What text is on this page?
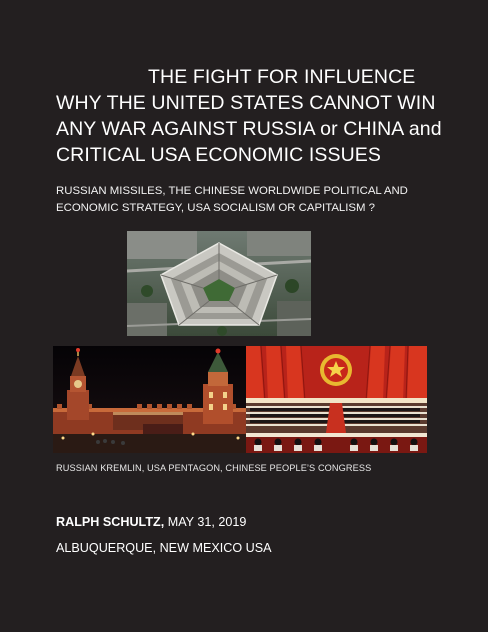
THE FIGHT FOR INFLUENCE
WHY THE UNITED STATES CANNOT WIN
ANY WAR AGAINST RUSSIA or CHINA and
CRITICAL USA ECONOMIC ISSUES
RUSSIAN MISSILES, THE CHINESE WORLDWIDE POLITICAL AND
ECONOMIC STRATEGY, USA SOCIALISM OR CAPITALISM ?
RUSSIAN KREMLIN, USA PENTAGON, CHINESE PEOPLE’S CONGRESS
RALPH SCHULTZ, MAY 31, 2019
ALBUQUERQUE, NEW MEXICO USA
